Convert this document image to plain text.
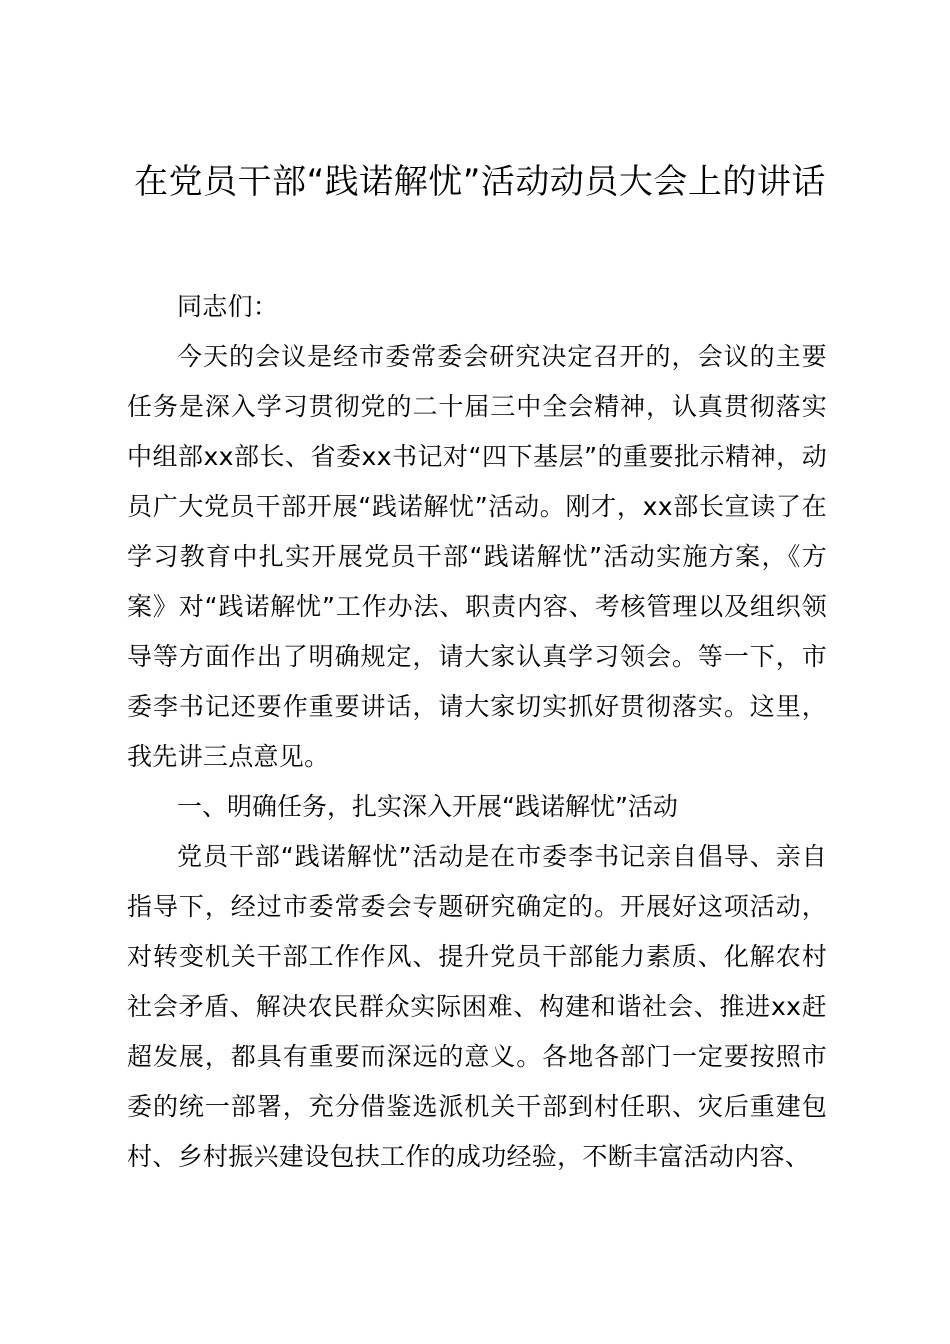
在党员干部“践诺解忧”活动动员大会上的讲话

同志们：

今天的会议是经市委常委会研究决定召开的，会议的主要任务是深入学习贯彻党的二十届三中全会精神，认真贯彻落实中组部xx部长、省委xx书记对“四下基层”的重要批示精神，动员广大党员干部开展“践诺解忧”活动。刚才，xx部长宣读了在学习教育中扎实开展党员干部“践诺解忧”活动实施方案，《方案》对“践诺解忧”工作办法、职责内容、考核管理以及组织领导等方面作出了明确规定，请大家认真学习领会。等一下，市委李书记还要作重要讲话，请大家切实抓好贯彻落实。这里，我先讲三点意见。

一、明确任务，扎实深入开展“践诺解忧”活动

党员干部“践诺解忧”活动是在市委李书记亲自倡导、亲自指导下，经过市委常委会专题研究确定的。开展好这项活动，对转变机关干部工作作风、提升党员干部能力素质、化解农村社会矛盾、解决农民群众实际困难、构建和谐社会、推进xx赶超发展，都具有重要而深远的意义。各地各部门一定要按照市委的统一部署，充分借鉴选派机关干部到村任职、灾后重建包村、乡村振兴建设包扶工作的成功经验，不断丰富活动内容、
